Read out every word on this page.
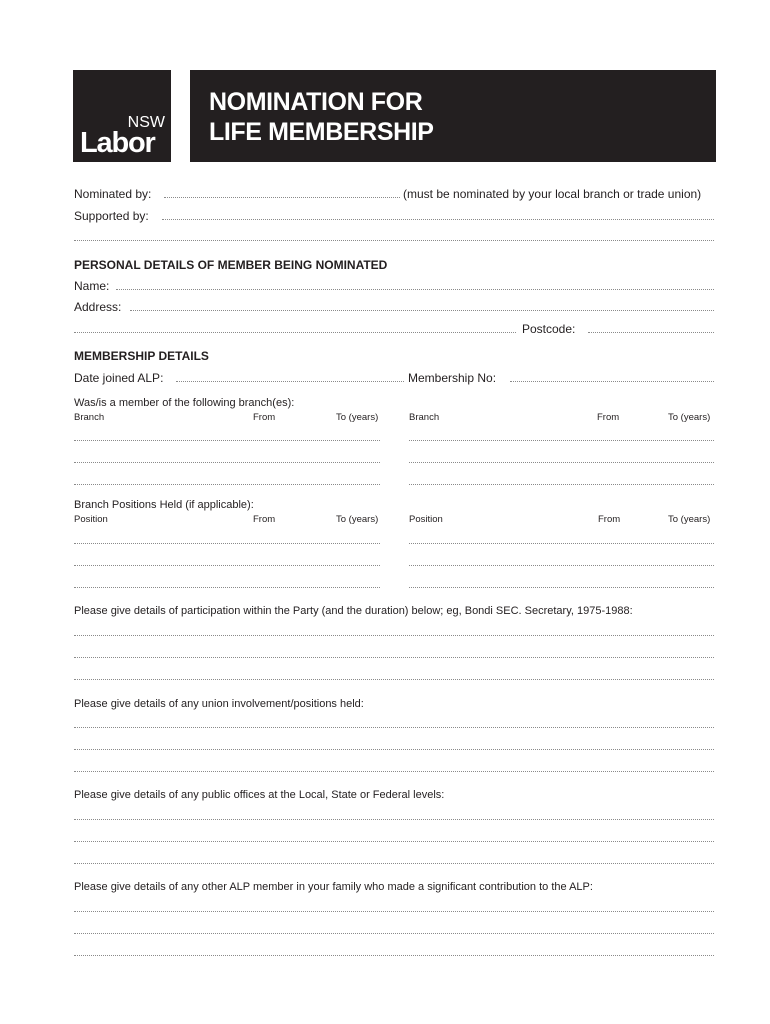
NSW
Labor
NOMINATION FOR
LIFE MEMBERSHIP
Nominated by:	(must be nominated by your local branch or trade union)
Supported by:
PERSONAL DETAILS OF MEMBER BEING NOMINATED
Name:
Address:
Postcode:
MEMBERSHIP DETAILS
Date joined ALP:	Membership No:
Was/is a member of the following branch(es):
Branch	From	To (years)	Branch	From	To (years)
Branch Positions Held (if applicable):
Position	From	To (years)	Position	From	To (years)
Please give details of participation within the Party (and the duration) below; eg, Bondi SEC. Secretary, 1975-1988:
Please give details of any union involvement/positions held:
Please give details of any public offices at the Local, State or Federal levels:
Please give details of any other ALP member in your family who made a significant contribution to the ALP:
